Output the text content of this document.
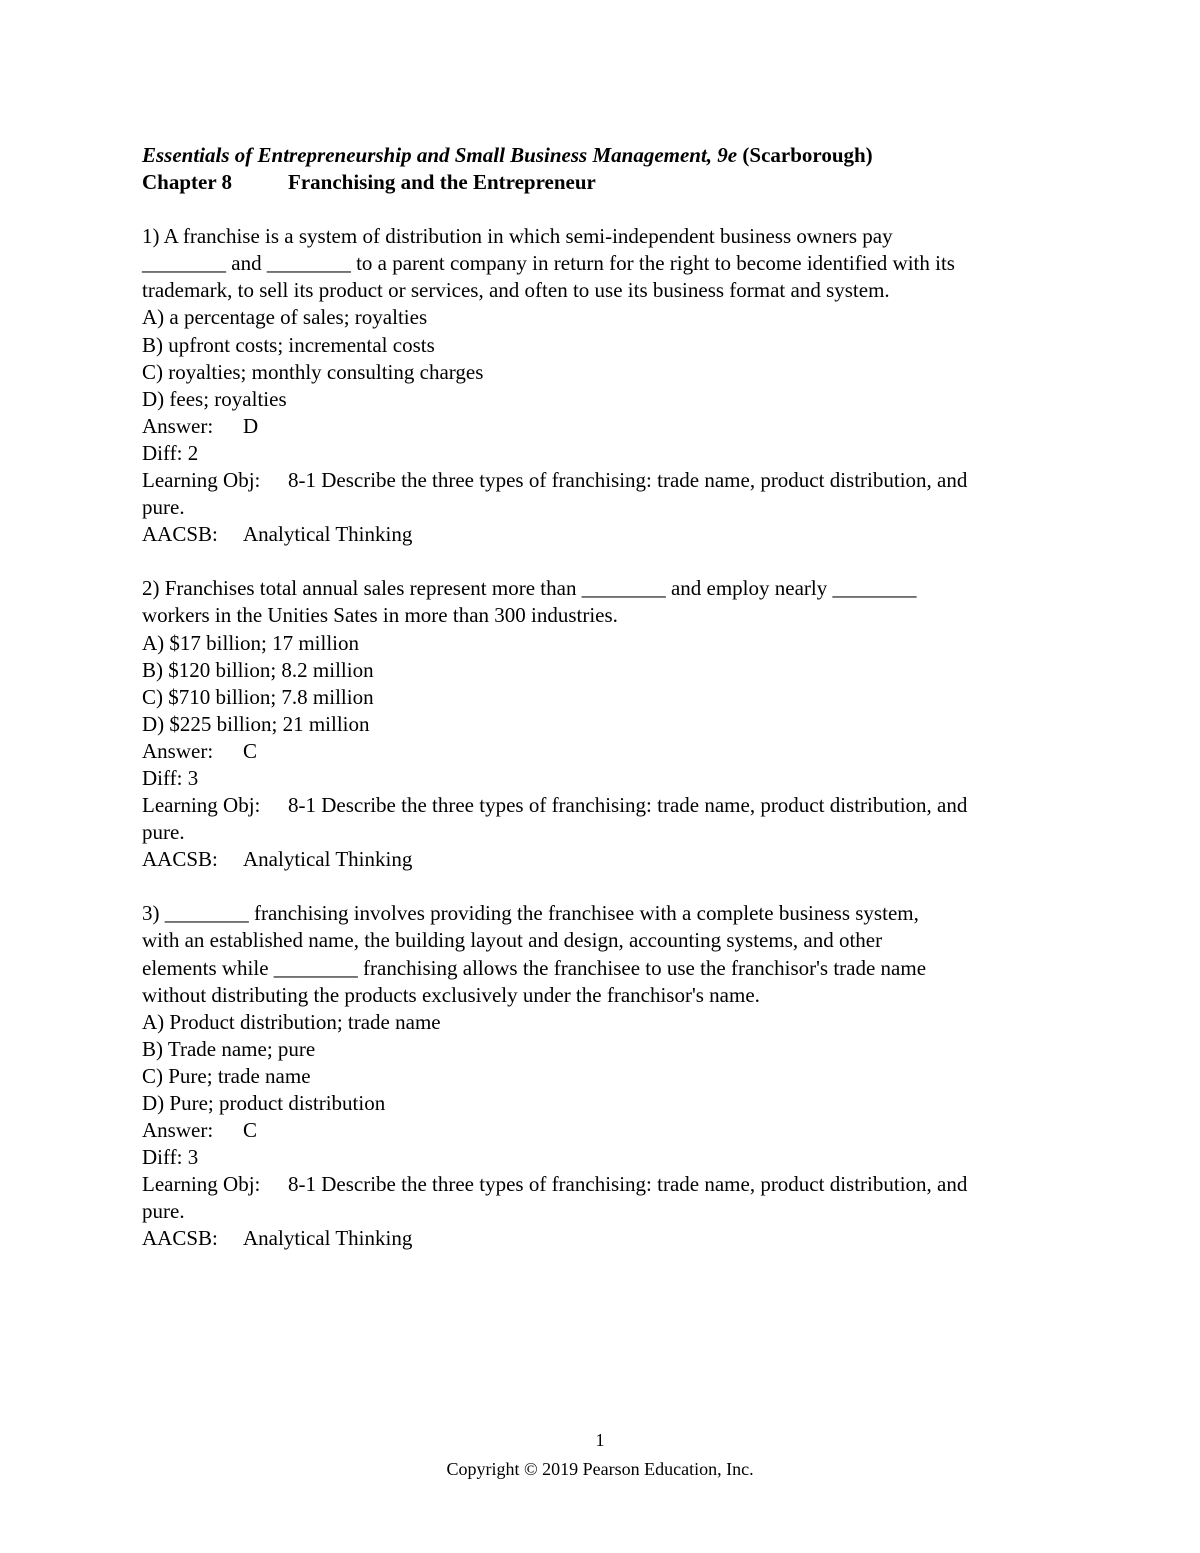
Essentials of Entrepreneurship and Small Business Management, 9e (Scarborough)
Chapter 8	Franchising and the Entrepreneur
1) A franchise is a system of distribution in which semi-independent business owners pay
________ and ________ to a parent company in return for the right to become identified with its
trademark, to sell its product or services, and often to use its business format and system.
A) a percentage of sales; royalties
B) upfront costs; incremental costs
C) royalties; monthly consulting charges
D) fees; royalties
Answer: D
Diff: 2
Learning Obj: 8-1 Describe the three types of franchising: trade name, product distribution, and
pure.
AACSB: Analytical Thinking
2) Franchises total annual sales represent more than ________ and employ nearly ________
workers in the Unities Sates in more than 300 industries.
A) $17 billion; 17 million
B) $120 billion; 8.2 million
C) $710 billion; 7.8 million
D) $225 billion; 21 million
Answer: C
Diff: 3
Learning Obj: 8-1 Describe the three types of franchising: trade name, product distribution, and
pure.
AACSB: Analytical Thinking
3) ________ franchising involves providing the franchisee with a complete business system,
with an established name, the building layout and design, accounting systems, and other
elements while ________ franchising allows the franchisee to use the franchisor's trade name
without distributing the products exclusively under the franchisor's name.
A) Product distribution; trade name
B) Trade name; pure
C) Pure; trade name
D) Pure; product distribution
Answer: C
Diff: 3
Learning Obj: 8-1 Describe the three types of franchising: trade name, product distribution, and
pure.
AACSB: Analytical Thinking
1
Copyright © 2019 Pearson Education, Inc.
